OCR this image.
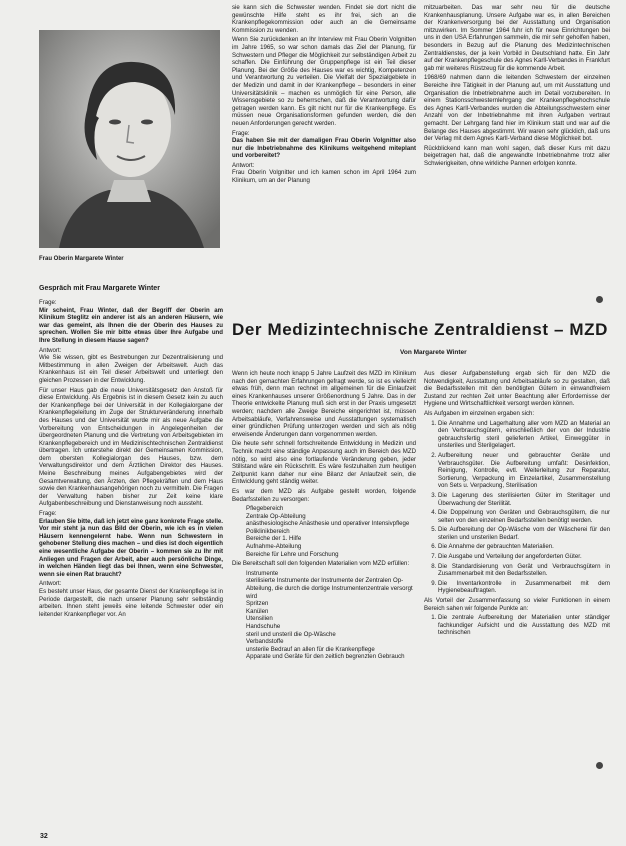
Frau Oberin Margarete Winter
Gespräch mit Frau Margarete Winter

Frage:

Mir scheint, Frau Winter, daß der Begriff der Oberin am Klinikum Steglitz ein anderer ist als an anderen Häusern, wie war das gemeint, als Ihnen die der Oberin des Hauses zu sprechen. Wollen Sie mir bitte etwas über Ihre Aufgabe und Ihre Stellung in diesem Hause sagen?

Antwort:

Wie Sie wissen, gibt es Bestrebungen zur Dezentralisierung und Mitbestimmung in allen Zweigen der Arbeitswelt. Auch das Krankenhaus ist ein Teil dieser Arbeitswelt und unterliegt den gleichen Prozessen in der Entwicklung.

Für unser Haus gab die neue Universitätsgesetz den Anstoß für diese Entwicklung. Als Ergebnis ist in diesem Gesetz kein zu auch der Krankenpflege bei der Universität in der Kollegialorgane der Krankenpflegeleitung im Zuge der Strukturveränderung innerhalb des Hauses und der Universität wurde mir als neue Aufgabe die Vorbereitung von Entscheidungen in Angelegenheiten der übergeordneten Planung und die Vertretung von Arbeitsgebieten im Krankenpflegebereich und im Medizinischtechnischen Zentraldienst übertragen. Ich unterstehe direkt der Gemeinsamen Kommission, dem obersten Kollegialorgan des Hauses, bzw. dem Verwaltungsdirektor und dem Ärztlichen Direktor des Hauses. Meine Beschreibung meines Aufgabengebietes wird der Gesamtverwaltung, den Ärzten, den Pflegekräften und dem Haus sowie den Krankenhausangehörigen noch zu vermitteln. Die Fragen der Verwaltung haben bisher zur Zeit keine klare Aufgabenbeschreibung und Dienstanweisung noch aussteht.

Frage:

Erlauben Sie bitte, daß ich jetzt eine ganz konkrete Frage stelle. Vor mir steht ja nun das Bild der Oberin, wie ich es in vielen Häusern kennengelernt habe. Wenn nun Schwestern in gehobener Stellung dies machen – und dies ist doch eigentlich eine wesentliche Aufgabe der Oberin – kommen sie zu Ihr mit Anliegen und Fragen der Arbeit, aber auch persönliche Dinge, in welchen Händen liegt das bei Ihnen, wenn eine Schwester, wenn sie einen Rat braucht?

Antwort:

Es besteht unser Haus, der gesamte Dienst der Krankenpflege ist in Periode dargestellt, die nach unserer Planung sehr selbständig arbeiten. Ihnen steht jeweils eine leitende Schwester oder ein leitender Krankenpfleger vor. An

sie kann sich die Schwester wenden. Findet sie dort nicht die gewünschte Hilfe steht es ihr frei, sich an die Krankenpflegekommission oder auch an die Gemeinsame Kommission zu wenden.

Wenn Sie zurückdenken an Ihr Interview mit Frau Oberin Volgnitten im Jahre 1965, so war schon damals das Ziel der Planung, für Schwestern und Pfleger die Möglichkeit zur selbständigen Arbeit zu schaffen. Die Einführung der Gruppenpflege ist ein Teil dieser Planung. Bei der Größe des Hauses war es wichtig, Kompetenzen und Verantwortung zu verteilen. Die Vielfalt der Spezialgebiete in der Medizin und damit in der Krankenpflege – besonders in einer Universitätsklinik – machen es unmöglich für eine Person, alle Wissensgebiete so zu beherrschen, daß die Verantwortung dafür getragen werden kann. Es gilt nicht nur für die Krankenpflege. Es müssen neue Organisationsformen gefunden werden, die den neuen Anforderungen gerecht werden.

Frage:

Das haben Sie mit der damaligen Frau Oberin Volgnitter also nur die Inbetriebnahme des Klinikums weitgehend miteplant und vorbereitet?

Antwort:

Frau Oberin Volgnitter und ich kamen schon im April 1964 zum Klinikum, um an der Planung

mitzuarbeiten. Das war sehr neu für die deutsche Krankenhausplanung. Unsere Aufgabe war es, in allen Bereichen der Krankenversorgung bei der Ausstattung und Organisation mitzuwirken. Im Sommer 1964 fuhr ich für neue Einrichtungen bei uns in den USA Erfahrungen sammeln, die mir sehr geholfen haben, besonders in Bezug auf die Planung des Medizintechnischen Zentraldienstes, der ja kein Vorbild in Deutschland hatte. Ein Jahr auf der Krankenpflegeschule des Agnes Karll-Verbandes in Frankfurt gab mir weiteres Rüstzeug für die kommende Arbeit.

1968/69 nahmen dann die leitenden Schwestern der einzelnen Bereiche ihre Tätigkeit in der Planung auf, um mit Ausstattung und Organisation die Inbetriebnahme auch im Detail vorzubereiten. In einem Stationsschwesternlehrgang der Krankenpflegehochschule des Agnes Karll-Verbandes wurden die Abteilungsschwestern einer Anzahl von der Inbetriebnahme mit ihren Aufgaben vertraut gemacht. Der Lehrgang fand hier im Klinikum statt und war auf die Belange des Hauses abgestimmt. Wir waren sehr glücklich, daß uns der Verlag mit dem Agnes Karll-Verband diese Möglichkeit bot.

Rückblickend kann man wohl sagen, daß dieser Kurs mit dazu beigetragen hat, daß die angewandte Inbetriebnahme trotz aller Schwierigkeiten, ohne wirkliche Pannen erfolgen konnte.

Der Medizintechnische Zentraldienst – MZD
Von Margarete Winter

Wenn ich heute noch knapp 5 Jahre Laufzeit des MZD im Klinikum nach den gemachten Erfahrungen gefragt werde, so ist es vielleicht etwas früh, denn man rechnet im allgemeinen für die Einlaufzeit eines Krankenhauses unserer Größenordnung 5 Jahre. Das in der Theorie entwickelte Planung muß sich erst in der Praxis umgesetzt werden; nachdem alle Zweige Bereiche eingerichtet ist, müssen Arbeitsabläufe, Verfahrensweise und Ausstattungen systematisch einer gründlichen Prüfung unterzogen werden und sich als nötig erweisende Änderungen dann vorgenommen werden.

Die heute sehr schnell fortschreitende Entwicklung in Medizin und Technik macht eine ständige Anpassung auch im Bereich des MZD nötig, so wird also eine fortlaufende Veränderung geben, jeder Stillstand wäre ein Rückschritt. Es wäre festzuhalten zum heutigen Zeitpunkt kann daher nur eine Bilanz der Anlaufzeit sein, die Entwicklung geht ständig weiter.

Es war dem MZD als Aufgabe gestellt worden, folgende Bedarfsstellen zu versorgen:

Pflegebereich
Zentrale Op-Abteilung
anästhesiologische Anästhesie und operativer Intensivpflege
Poliklinikbereich
Bereiche der 1. Hilfe
Aufnahme-Abteilung
Bereiche für Lehre und Forschung

Die Bereitschaft soll den folgenden Materialien vom MZD erfüllen:

Instrumente
sterilisierte Instrumente der Instrumente der Zentralen Op-Abteilung, die durch die dortige Instrumentenzentrale versorgt wird
Spritzen
Kanülen
Utensilien
Handschuhe
steril und unsteril die Op-Wäsche
Verbandstoffe
unsterile Bedrauf an allen für die Krankenpflege
Apparate und Geräte für den zeitlich begrenzten Gebrauch

Aus dieser Aufgabenstellung ergab sich für den MZD die Notwendigkeit, Ausstattung und Arbeitsabläufe so zu gestalten, daß die Bedarfsstellen mit den benötigten Gütern in einwandfreiem Zustand zur rechten Zeit unter Beachtung aller Erfordernisse der Hygiene und Wirtschaftlichkeit versorgt werden können.

Als Aufgaben im einzelnen ergaben sich:

1. Die Annahme und Lagerhaltung aller vom MZD an Material an den Verbrauchsgütern, einschließlich der von der Industrie gebrauchsfertig steril gelieferten Artikel, Einweggüter in unsteriles und Sterilgelagert.
2. Aufbereitung neuer und gebrauchter Geräte und Verbrauchsgüter. Die Aufbereitung umfaßt: Desinfektion, Reinigung, Kontrolle, evtl. Weiterleitung zur Reparatur, Sortierung, Verpackung im Einzelartikel, Zusammenstellung von Sets u. Verpackung, Sterilisation
3. Die Lagerung des sterilisierten Güter im Steriltager und Überwachung der Sterilität.
4. Die Doppelnung von Geräten und Gebrauchsgütern, die nur selten von den einzelnen Bedarfsstellen benötigt werden.
5. Die Aufbereitung der Op-Wäsche vom der Wäscherei für den sterilen und unsterilen Bedarf.
6. Die Annahme der gebrauchten Materialien.
7. Die Ausgabe und Verteilung der angeforderten Güter.
8. Die Standardisierung von Gerät und Verbrauchsgütern in Zusammenarbeit mit den Bedarfsstellen.
9. Die Inventarkontrolle in Zusammenarbeit mit dem Hygienebeauftragten.

Als Vorteil der Zusammenfassung so vieler Funktionen in einem Bereich sahen wir folgende Punkte an:

1. Die zentrale Aufbereitung der Materialien unter ständiger fachkundiger Aufsicht und die Ausstattung des MZD mit technischen
32
